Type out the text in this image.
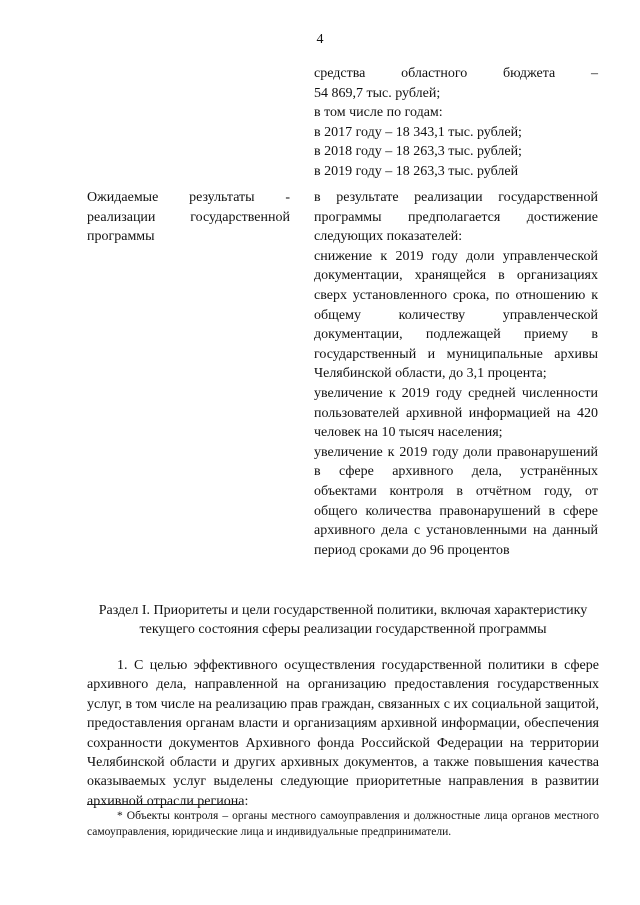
4

средства областного бюджета –

54 869,7 тыс. рублей;

в том числе по годам:

в 2017 году – 18 343,1 тыс. рублей;

в 2018 году – 18 263,3 тыс. рублей;

в 2019 году – 18 263,3 тыс. рублей

Ожидаемые результаты - реализации государственной программы

в результате реализации государственной программы предполагается достижение следующих показателей:

снижение к 2019 году доли управленческой документации, хранящейся в организациях сверх установленного срока, по отношению к общему количеству управленческой документации, подлежащей приему в государственный и муниципальные архивы Челябинской области, до 3,1 процента;

увеличение к 2019 году средней численности пользователей архивной информацией на 420 человек на 10 тысяч населения;

увеличение к 2019 году доли правонарушений в сфере архивного дела, устранённых объектами контроля в отчётном году, от общего количества правонарушений в сфере архивного дела с установленными на данный период сроками до 96 процентов

Раздел I. Приоритеты и цели государственной политики, включая характеристику текущего состояния сферы реализации государственной программы

1. С целью эффективного осуществления государственной политики в сфере архивного дела, направленной на организацию предоставления государственных услуг, в том числе на реализацию прав граждан, связанных с их социальной защитой, предоставления органам власти и организациям архивной информации, обеспечения сохранности документов Архивного фонда Российской Федерации на территории Челябинской области и других архивных документов, а также повышения качества оказываемых услуг выделены следующие приоритетные направления в развитии архивной отрасли региона:

* Объекты контроля – органы местного самоуправления и должностные лица органов местного самоуправления, юридические лица и индивидуальные предприниматели.
